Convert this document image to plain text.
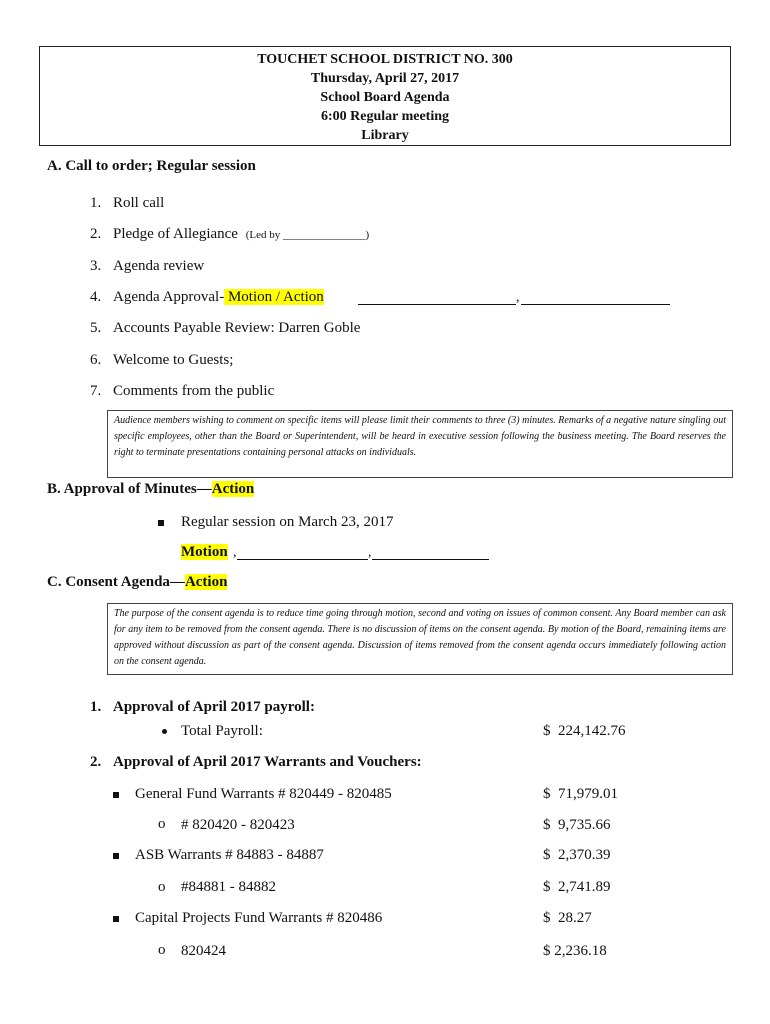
TOUCHET SCHOOL DISTRICT NO. 300
Thursday, April 27, 2017
School Board Agenda
6:00 Regular meeting
Library
A. Call to order; Regular session
1. Roll call
2. Pledge of Allegiance (Led by _______________)
3. Agenda review
4. Agenda Approval- Motion / Action	,
5. Accounts Payable Review: Darren Goble
6. Welcome to Guests;
7. Comments from the public
Audience members wishing to comment on specific items will please limit their comments to three (3) minutes. Remarks of a negative nature singling out specific employees, other than the Board or Superintendent, will be heard in executive session following the business meeting. The Board reserves the right to terminate presentations containing personal attacks on individuals.
B. Approval of Minutes—Action
Regular session on March 23, 2017
Motion ,	,
C. Consent Agenda—Action
The purpose of the consent agenda is to reduce time going through motion, second and voting on issues of common consent. Any Board member can ask for any item to be removed from the consent agenda. There is no discussion of items on the consent agenda. By motion of the Board, remaining items are approved without discussion as part of the consent agenda. Discussion of items removed from the consent agenda occurs immediately following action on the consent agenda.
1. Approval of April 2017 payroll:
Total Payroll:	$  224,142.76
2. Approval of April 2017 Warrants and Vouchers:
General Fund Warrants # 820449 - 820485	$  71,979.01
o # 820420 - 820423	$  9,735.66
ASB Warrants # 84883 - 84887	$  2,370.39
o #84881 - 84882	$  2,741.89
Capital Projects Fund Warrants # 820486	$  28.27
o 820424	$ 2,236.18
